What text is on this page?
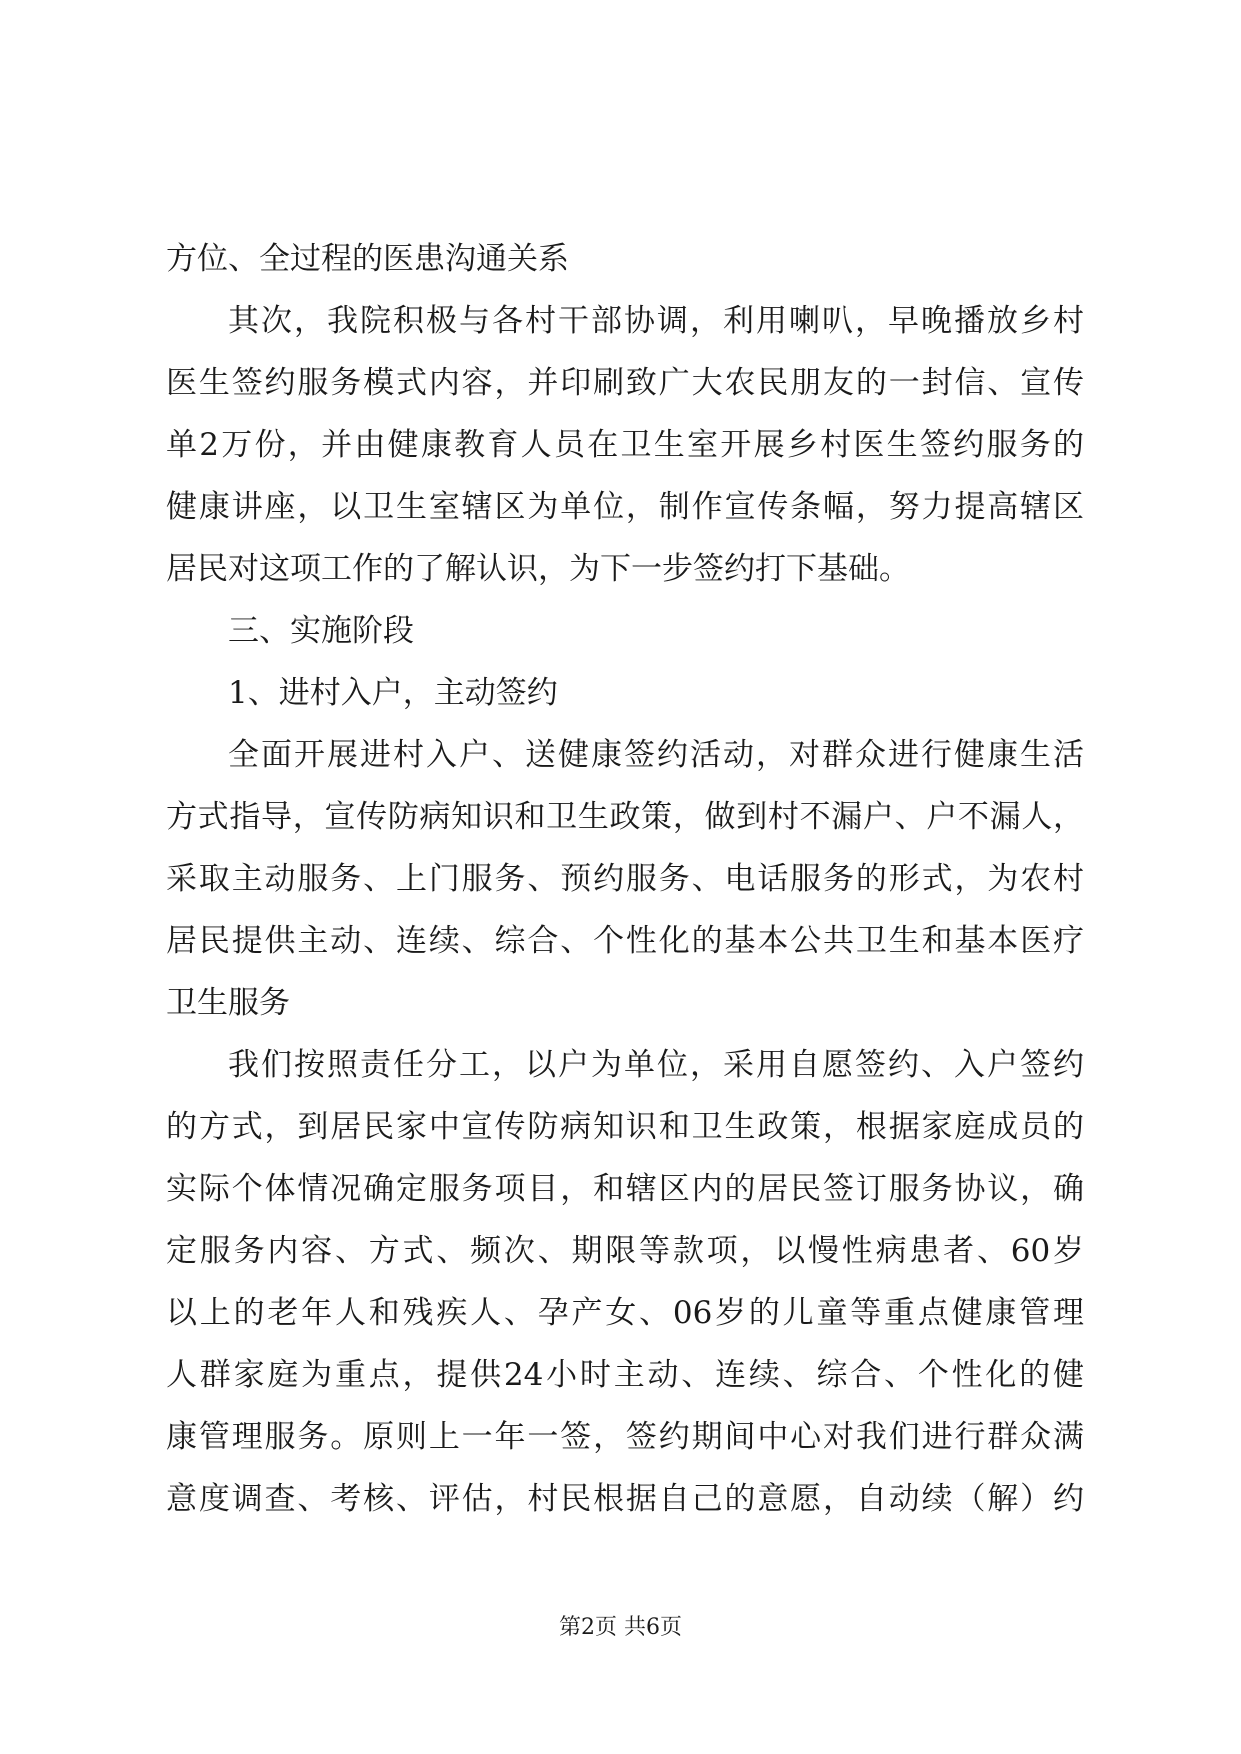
方位、全过程的医患沟通关系
其次，我院积极与各村干部协调，利用喇叭，早晚播放乡村
医生签约服务模式内容，并印刷致广大农民朋友的一封信、宣传
单2万份，并由健康教育人员在卫生室开展乡村医生签约服务的
健康讲座，以卫生室辖区为单位，制作宣传条幅，努力提高辖区
居民对这项工作的了解认识，为下一步签约打下基础。
三、实施阶段
1、进村入户，主动签约
全面开展进村入户、送健康签约活动，对群众进行健康生活
方式指导，宣传防病知识和卫生政策，做到村不漏户、户不漏人，
采取主动服务、上门服务、预约服务、电话服务的形式，为农村
居民提供主动、连续、综合、个性化的基本公共卫生和基本医疗
卫生服务
我们按照责任分工，以户为单位，采用自愿签约、入户签约
的方式，到居民家中宣传防病知识和卫生政策，根据家庭成员的
实际个体情况确定服务项目，和辖区内的居民签订服务协议，确
定服务内容、方式、频次、期限等款项，以慢性病患者、60岁
以上的老年人和残疾人、孕产女、06岁的儿童等重点健康管理
人群家庭为重点，提供24小时主动、连续、综合、个性化的健
康管理服务。原则上一年一签，签约期间中心对我们进行群众满
意度调查、考核、评估，村民根据自己的意愿，自动续（解）约
第2页 共6页
